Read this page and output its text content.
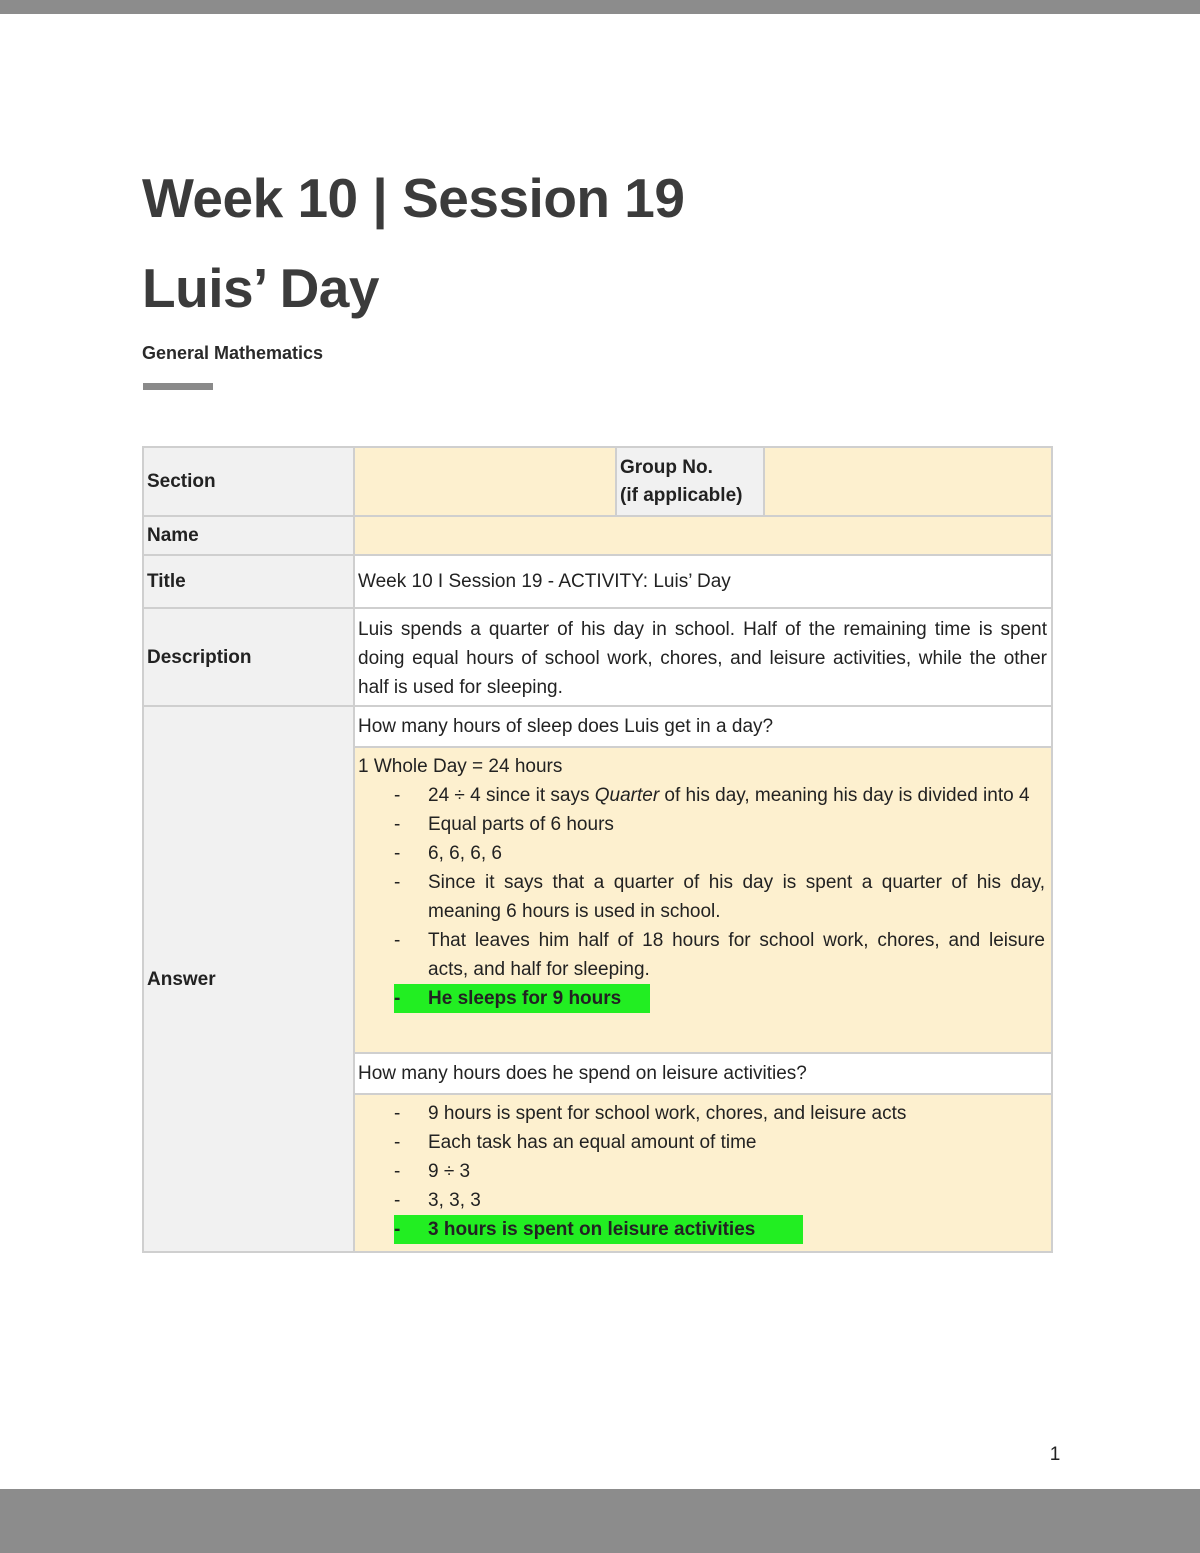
Week 10 | Session 19
Luis’ Day
General Mathematics
Section
Group No.
(if applicable)
Name
Title	Week 10 I Session 19 - ACTIVITY: Luis’ Day
Description
Luis spends a quarter of his day in school. Half of the remaining time is spent doing equal hours of school work, chores, and leisure activities, while the other half is used for sleeping.
Answer
How many hours of sleep does Luis get in a day?
1 Whole Day = 24 hours
- 24 ÷ 4 since it says Quarter of his day, meaning his day is divided into 4
- Equal parts of 6 hours
- 6, 6, 6, 6
- Since it says that a quarter of his day is spent a quarter of his day, meaning 6 hours is used in school.
- That leaves him half of 18 hours for school work, chores, and leisure acts, and half for sleeping.
- He sleeps for 9 hours
How many hours does he spend on leisure activities?
- 9 hours is spent for school work, chores, and leisure acts
- Each task has an equal amount of time
- 9 ÷ 3
- 3, 3, 3
- 3 hours is spent on leisure activities
1
